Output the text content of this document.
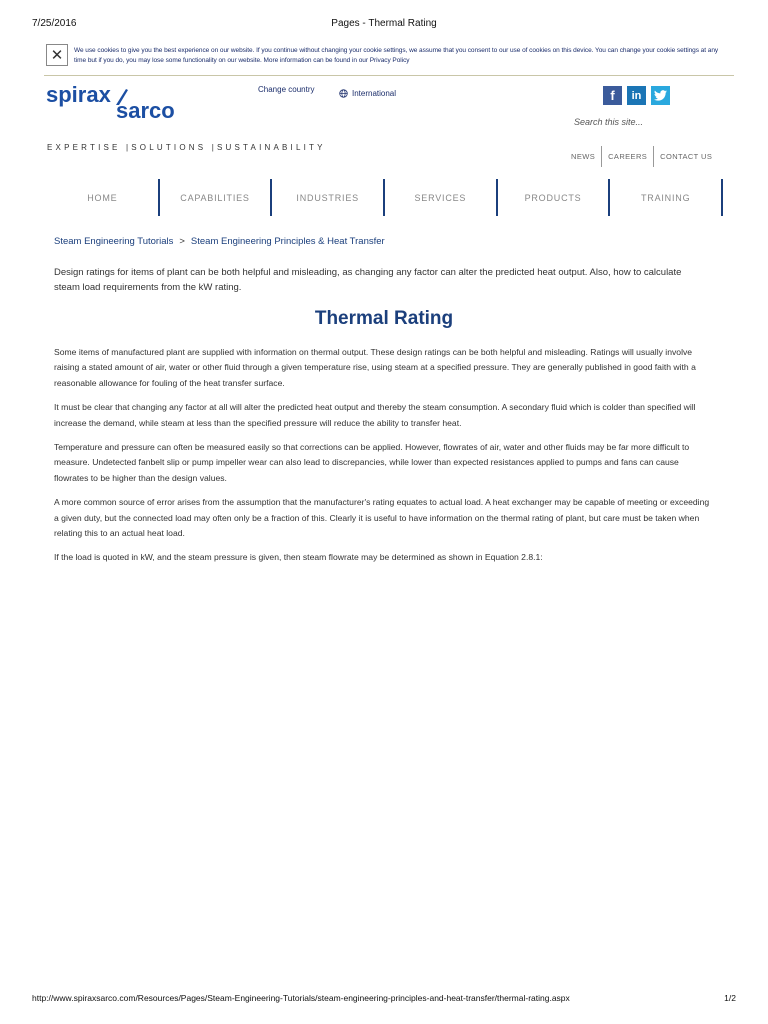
7/25/2016	Pages - Thermal Rating
✕	We use cookies to give you the best experience on our website. If you continue without changing your cookie settings, we assume that you consent to our use of cookies on this device. You can change your cookie settings at any time but if you do, you may lose some functionality on our website. More information can be found in our Privacy Policy
spirax
sarco
Change country	International	f	in
Search this site...
EXPERTISE |SOLUTIONS |SUSTAINABILITY
NEWS	CAREERS	CONTACT US
HOME	CAPABILITIES	INDUSTRIES	SERVICES	PRODUCTS	TRAINING
Steam Engineering Tutorials > Steam Engineering Principles & Heat Transfer
Design ratings for items of plant can be both helpful and misleading, as changing any factor can alter the predicted heat output. Also, how to calculate steam load requirements from the kW rating.
Thermal Rating

Some items of manufactured plant are supplied with information on thermal output. These design ratings can be both helpful and misleading. Ratings will usually involve raising a stated amount of air, water or other fluid through a given temperature rise, using steam at a specified pressure. They are generally published in good faith with a reasonable allowance for fouling of the heat transfer surface.

It must be clear that changing any factor at all will alter the predicted heat output and thereby the steam consumption. A secondary fluid which is colder than specified will increase the demand, while steam at less than the specified pressure will reduce the ability to transfer heat.

Temperature and pressure can often be measured easily so that corrections can be applied. However, flowrates of air, water and other fluids may be far more difficult to measure. Undetected fanbelt slip or pump impeller wear can also lead to discrepancies, while lower than expected resistances applied to pumps and fans can cause flowrates to be higher than the design values.

A more common source of error arises from the assumption that the manufacturer's rating equates to actual load. A heat exchanger may be capable of meeting or exceeding a given duty, but the connected load may often only be a fraction of this. Clearly it is useful to have information on the thermal rating of plant, but care must be taken when relating this to an actual heat load.

If the load is quoted in kW, and the steam pressure is given, then steam flowrate may be determined as shown in Equation 2.8.1:

http://www.spiraxsarco.com/Resources/Pages/Steam-Engineering-Tutorials/steam-engineering-principles-and-heat-transfer/thermal-rating.aspx	1/2
